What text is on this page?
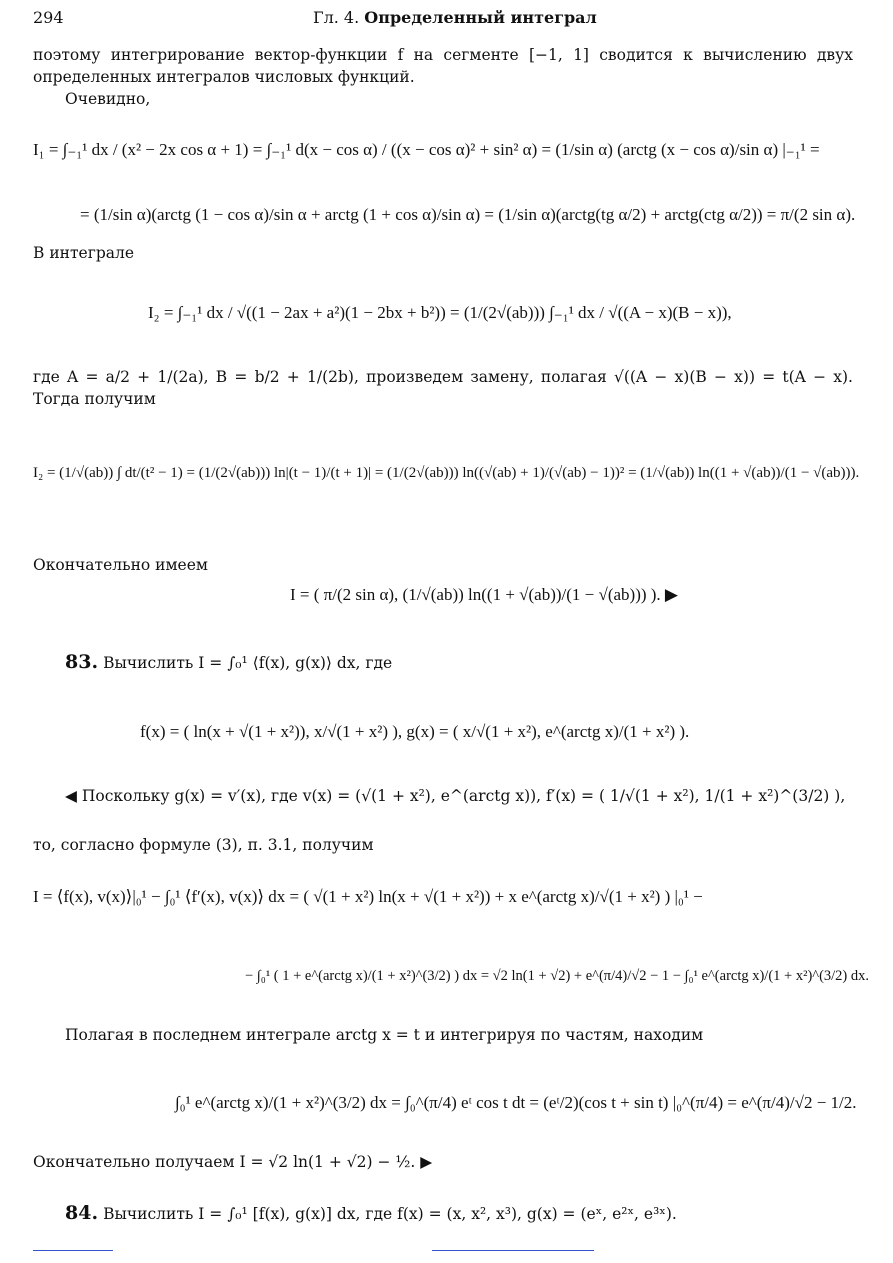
294	Гл. 4. Определенный интеграл
поэтому интегрирование вектор-функции f на сегменте [−1, 1] сводится к вычислению двух определенных интегралов числовых функций.
Очевидно,
I₁ = ∫₋₁¹ dx / (x² − 2x cos α + 1) = ∫₋₁¹ d(x − cos α) / ((x − cos α)² + sin² α) = (1/sin α) (arctg (x − cos α)/sin α) |₋₁¹ =
= (1/sin α)(arctg (1 − cos α)/sin α + arctg (1 + cos α)/sin α) = (1/sin α)(arctg(tg α/2) + arctg(ctg α/2)) = π/(2 sin α).
В интеграле
I₂ = ∫₋₁¹ dx / √((1 − 2ax + a²)(1 − 2bx + b²)) = (1/(2√(ab))) ∫₋₁¹ dx / √((A − x)(B − x)),
где A = a/2 + 1/(2a), B = b/2 + 1/(2b), произведем замену, полагая √((A − x)(B − x)) = t(A − x). Тогда получим
I₂ = (1/√(ab)) ∫ dt/(t² − 1) = (1/(2√(ab))) ln|(t − 1)/(t + 1)| = (1/(2√(ab))) ln((√(ab) + 1)/(√(ab) − 1))² = (1/√(ab)) ln((1 + √(ab))/(1 − √(ab))).
Окончательно имеем
I = ( π/(2 sin α), (1/√(ab)) ln((1 + √(ab))/(1 − √(ab))) ). ▶
83. Вычислить I = ∫₀¹ ⟨f(x), g(x)⟩ dx, где
f(x) = ( ln(x + √(1 + x²)), x/√(1 + x²) ), g(x) = ( x/√(1 + x²), e^(arctg x)/(1 + x²) ).
◀ Поскольку g(x) = v′(x), где v(x) = (√(1 + x²), e^(arctg x)), f′(x) = ( 1/√(1 + x²), 1/(1 + x²)^(3/2) ),
то, согласно формуле (3), п. 3.1, получим
I = ⟨f(x), v(x)⟩|₀¹ − ∫₀¹ ⟨f′(x), v(x)⟩ dx = ( √(1 + x²) ln(x + √(1 + x²)) + x e^(arctg x)/√(1 + x²) ) |₀¹ −
− ∫₀¹ ( 1 + e^(arctg x)/(1 + x²)^(3/2) ) dx = √2 ln(1 + √2) + e^(π/4)/√2 − 1 − ∫₀¹ e^(arctg x)/(1 + x²)^(3/2) dx.
Полагая в последнем интеграле arctg x = t и интегрируя по частям, находим
∫₀¹ e^(arctg x)/(1 + x²)^(3/2) dx = ∫₀^(π/4) eᵗ cos t dt = (eᵗ/2)(cos t + sin t) |₀^(π/4) = e^(π/4)/√2 − 1/2.
Окончательно получаем I = √2 ln(1 + √2) − ½. ▶
84. Вычислить I = ∫₀¹ [f(x), g(x)] dx, где f(x) = (x, x², x³), g(x) = (eˣ, e²ˣ, e³ˣ).
